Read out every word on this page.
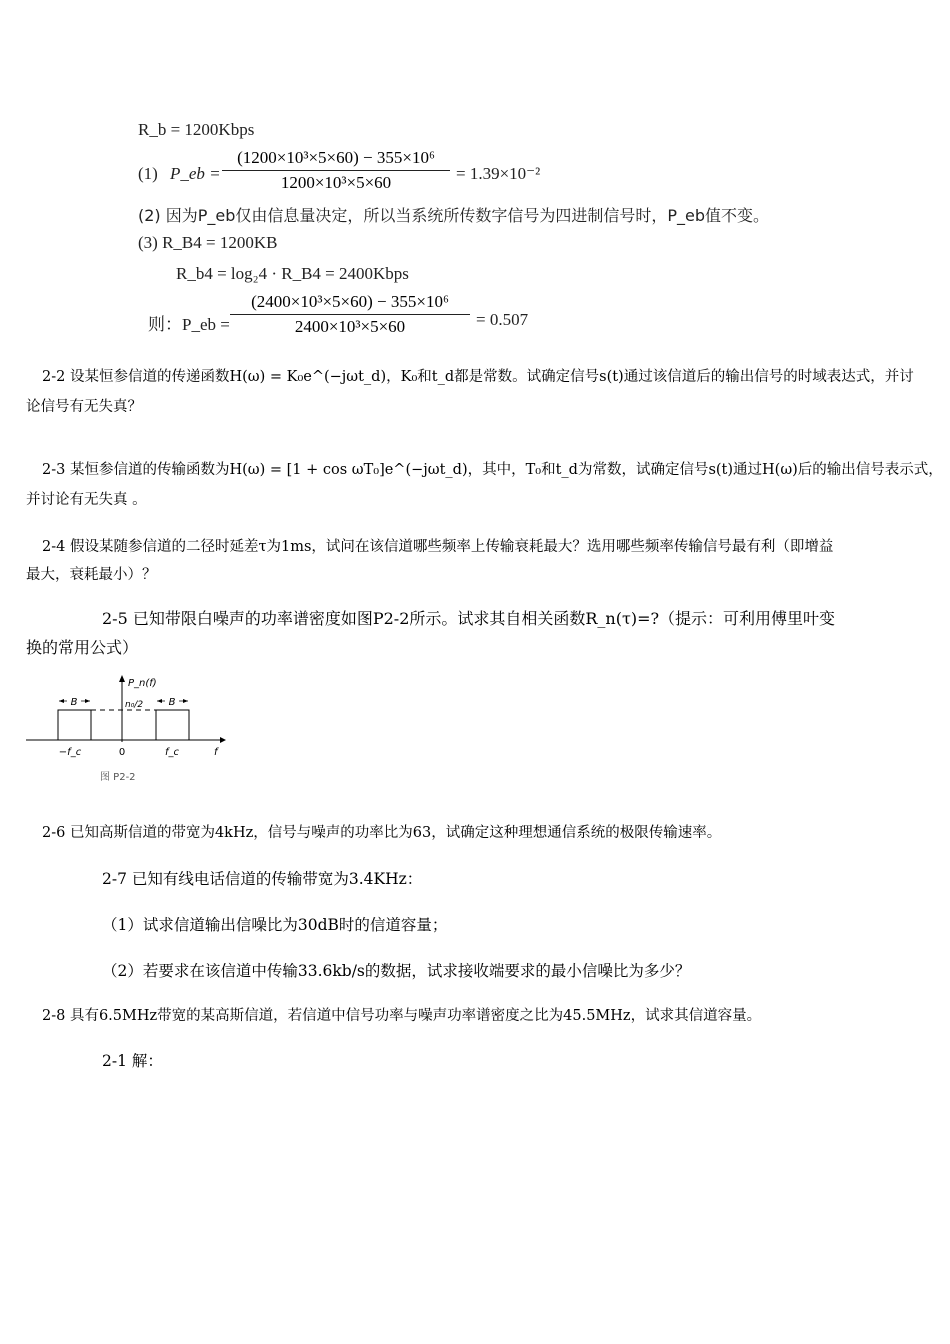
R_b = 1200Kbps
(1) P_eb =
(1200×10³×5×60) − 355×10⁶
1200×10³×5×60	= 1.39×10⁻²
(2) 因为P_eb仅由信息量决定，所以当系统所传数字信号为四进制信号时，P_eb值不变。
(3) R_B4 = 1200KB
R_b4 = log₂4 · R_B4 = 2400Kbps
则：P_eb =
(2400×10³×5×60) − 355×10⁶
2400×10³×5×60	= 0.507
2-2 设某恒参信道的传递函数H(ω) = K₀e^(−jωt_d)，K₀和t_d都是常数。试确定信号s(t)通过该信道后的输出信号的时域表达式，并讨
论信号有无失真？
2-3 某恒参信道的传输函数为H(ω) = [1 + cos ωT₀]e^(−jωt_d)，其中，T₀和t_d为常数，试确定信号s(t)通过H(ω)后的输出信号表示式，
并讨论有无失真 。
2-4 假设某随参信道的二径时延差τ为1ms，试问在该信道哪些频率上传输衰耗最大？选用哪些频率传输信号最有利（即增益
最大，衰耗最小）？
2-5 已知带限白噪声的功率谱密度如图P2-2所示。试求其自相关函数R_n(τ)=?（提示：可利用傅里叶变
换的常用公式）
B	B
P_n(f)
n₀/2
−f_c	0	f_c	f
图 P2-2
2-6 已知高斯信道的带宽为4kHz，信号与噪声的功率比为63，试确定这种理想通信系统的极限传输速率。
2-7 已知有线电话信道的传输带宽为3.4KHz：
（1）试求信道输出信噪比为30dB时的信道容量；
（2）若要求在该信道中传输33.6kb/s的数据，试求接收端要求的最小信噪比为多少？
2-8 具有6.5MHz带宽的某高斯信道，若信道中信号功率与噪声功率谱密度之比为45.5MHz，试求其信道容量。
2-1 解：
